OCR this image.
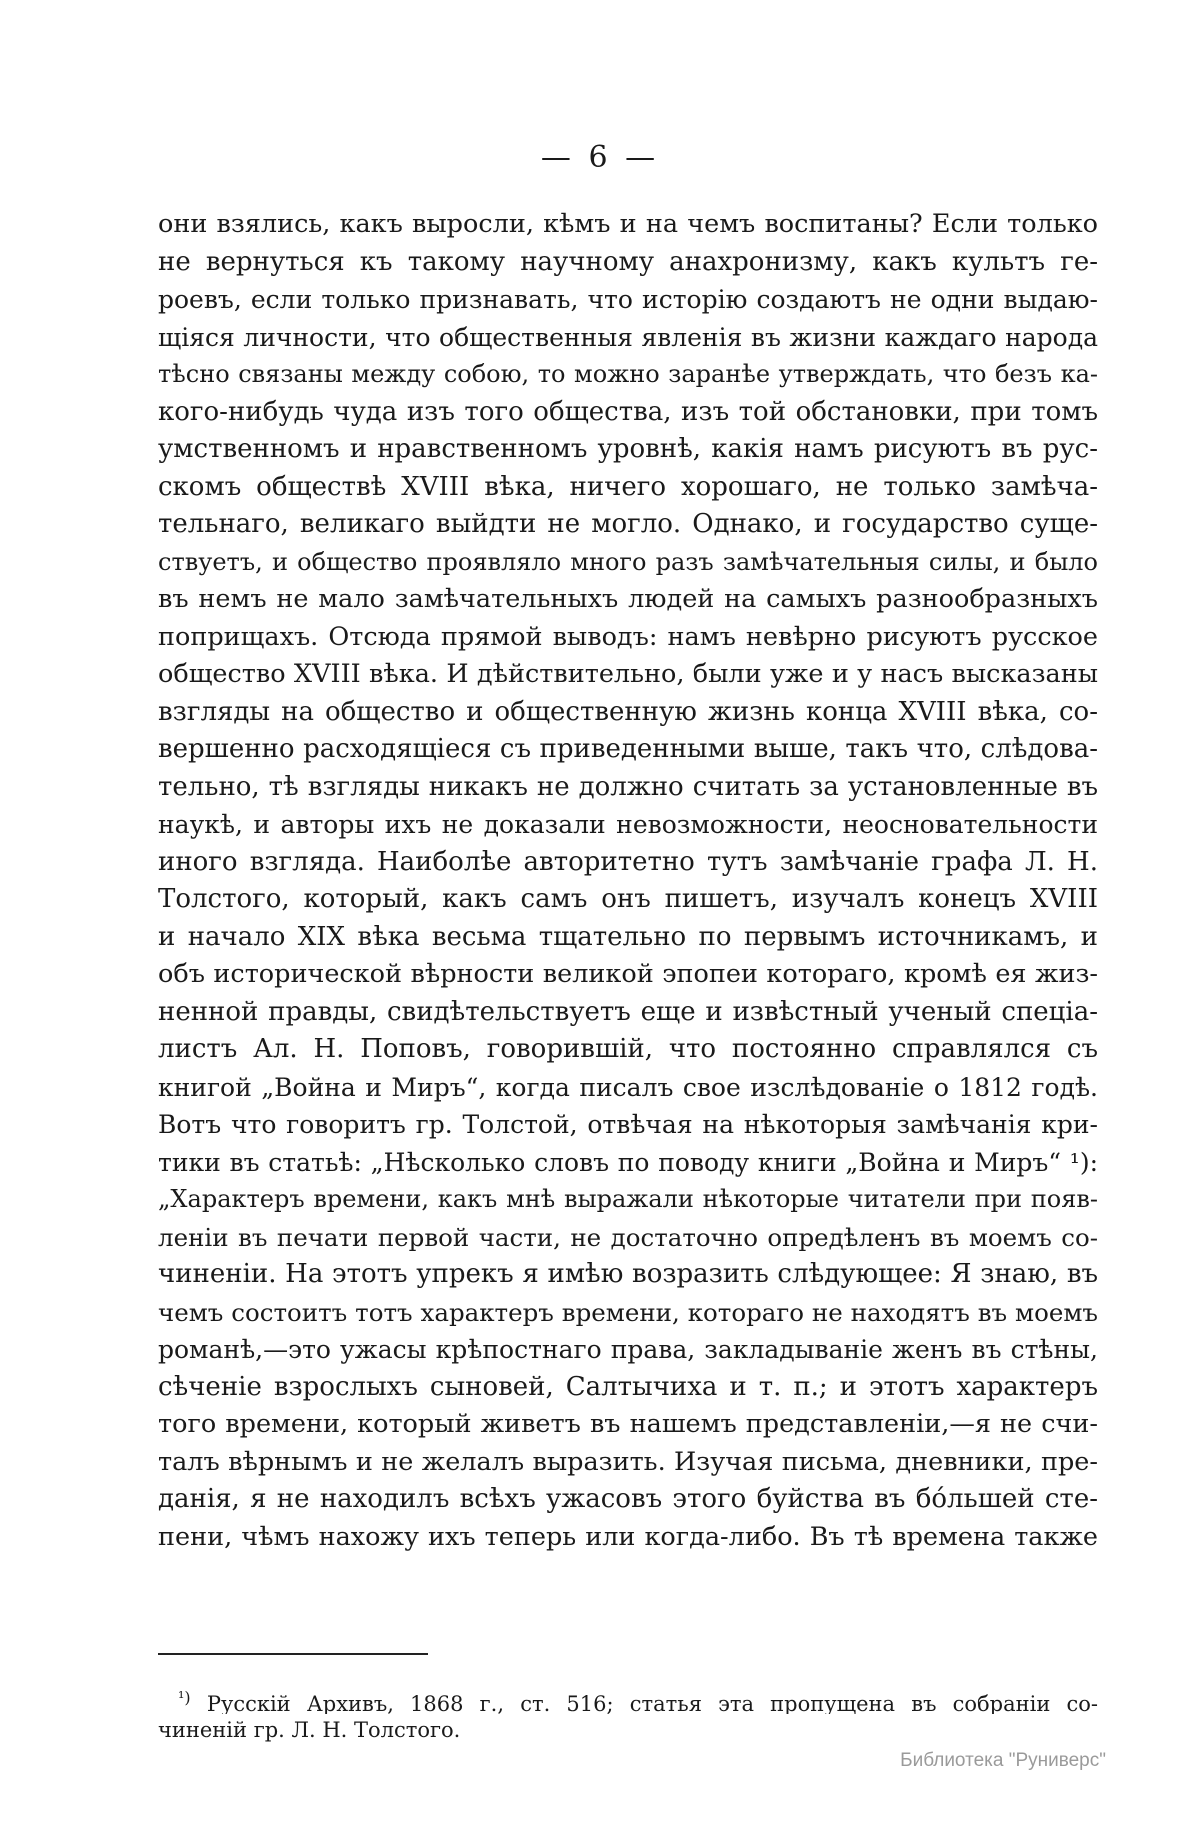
— 6 —
они взялись, какъ выросли, кѣмъ и на чемъ воспитаны? Если только
не вернуться къ такому научному анахронизму, какъ культъ ге-
роевъ, если только признавать, что исторію создаютъ не одни выдаю-
щіяся личности, что общественныя явленія въ жизни каждаго народа
тѣсно связаны между собою, то можно заранѣе утверждать, что безъ ка-
кого-нибудь чуда изъ того общества, изъ той обстановки, при томъ
умственномъ и нравственномъ уровнѣ, какія намъ рисуютъ въ рус-
скомъ обществѣ XVIII вѣка, ничего хорошаго, не только замѣча-
тельнаго, великаго выйдти не могло. Однако, и государство суще-
ствуетъ, и общество проявляло много разъ замѣчательныя силы, и было
въ немъ не мало замѣчательныхъ людей на самыхъ разнообразныхъ
поприщахъ. Отсюда прямой выводъ: намъ невѣрно рисуютъ русское
общество XVIII вѣка. И дѣйствительно, были уже и у насъ высказаны
взгляды на общество и общественную жизнь конца XVIII вѣка, со-
вершенно расходящіеся съ приведенными выше, такъ что, слѣдова-
тельно, тѣ взгляды никакъ не должно считать за установленные въ
наукѣ, и авторы ихъ не доказали невозможности, неосновательности
иного взгляда. Наиболѣе авторитетно тутъ замѣчаніе графа Л. Н.
Толстого, который, какъ самъ онъ пишетъ, изучалъ конецъ XVIII
и начало XIX вѣка весьма тщательно по первымъ источникамъ, и
объ исторической вѣрности великой эпопеи котораго, кромѣ ея жиз-
ненной правды, свидѣтельствуетъ еще и извѣстный ученый спеціа-
листъ Ал. Н. Поповъ, говорившій, что постоянно справлялся съ
книгой „Война и Миръ“, когда писалъ свое изслѣдованіе о 1812 годѣ.
Вотъ что говоритъ гр. Толстой, отвѣчая на нѣкоторыя замѣчанія кри-
тики въ статьѣ: „Нѣсколько словъ по поводу книги „Война и Миръ“ ¹):
„Характеръ времени, какъ мнѣ выражали нѣкоторые читатели при появ-
леніи въ печати первой части, не достаточно опредѣленъ въ моемъ со-
чиненіи. На этотъ упрекъ я имѣю возразить слѣдующее: Я знаю, въ
чемъ состоитъ тотъ характеръ времени, котораго не находятъ въ моемъ
романѣ,—это ужасы крѣпостнаго права, закладываніе женъ въ стѣны,
сѣченіе взрослыхъ сыновей, Салтычиха и т. п.; и этотъ характеръ
того времени, который живетъ въ нашемъ представленіи,—я не счи-
талъ вѣрнымъ и не желалъ выразить. Изучая письма, дневники, пре-
данія, я не находилъ всѣхъ ужасовъ этого буйства въ бóльшей сте-
пени, чѣмъ нахожу ихъ теперь или когда-либо. Въ тѣ времена также
$^{^1)}$ Русскій Архивъ, 1868 г., ст. 516; статья эта пропущена въ собраніи со-
чиненій гр. Л. Н. Толстого.
Библиотека "Руниверс"
